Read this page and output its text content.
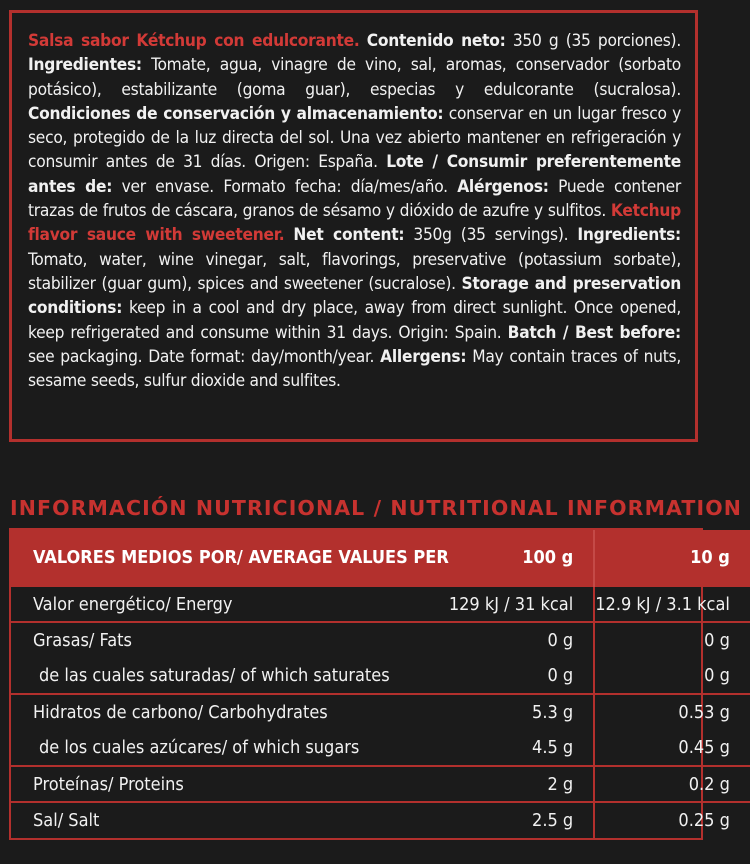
Salsa sabor Kétchup con edulcorante. Contenido neto: 350 g (35 porciones). Ingredientes: Tomate, agua, vinagre de vino, sal, aromas, conservador (sorbato potásico), estabilizante (goma guar), especias y edulcorante (sucralosa). Condiciones de conservación y almacenamiento: conservar en un lugar fresco y seco, protegido de la luz directa del sol. Una vez abierto mantener en refrigeración y consumir antes de 31 días. Origen: España. Lote / Consumir preferentemente antes de: ver envase. Formato fecha: día/mes/año. Alérgenos: Puede contener trazas de frutos de cáscara, granos de sésamo y dióxido de azufre y sulfitos. Ketchup flavor sauce with sweetener. Net content: 350g (35 servings). Ingredients: Tomato, water, wine vinegar, salt, flavorings, preservative (potassium sorbate), stabilizer (guar gum), spices and sweetener (sucralose). Storage and preservation conditions: keep in a cool and dry place, away from direct sunlight. Once opened, keep refrigerated and consume within 31 days. Origin: Spain. Batch / Best before: see packaging. Date format: day/month/year. Allergens: May contain traces of nuts, sesame seeds, sulfur dioxide and sulfites.

INFORMACIÓN NUTRICIONAL / NUTRITIONAL INFORMATION
VALORES MEDIOS POR/ AVERAGE VALUES PER	100 g	10 g
Valor energético/ Energy	129 kJ / 31 kcal	12.9 kJ / 3.1 kcal
Grasas/ Fats	0 g	0 g
de las cuales saturadas/ of which saturates	0 g	0 g
Hidratos de carbono/ Carbohydrates	5.3 g	0.53 g
de los cuales azúcares/ of which sugars	4.5 g	0.45 g
Proteínas/ Proteins	2 g	0.2 g
Sal/ Salt	2.5 g	0.25 g
